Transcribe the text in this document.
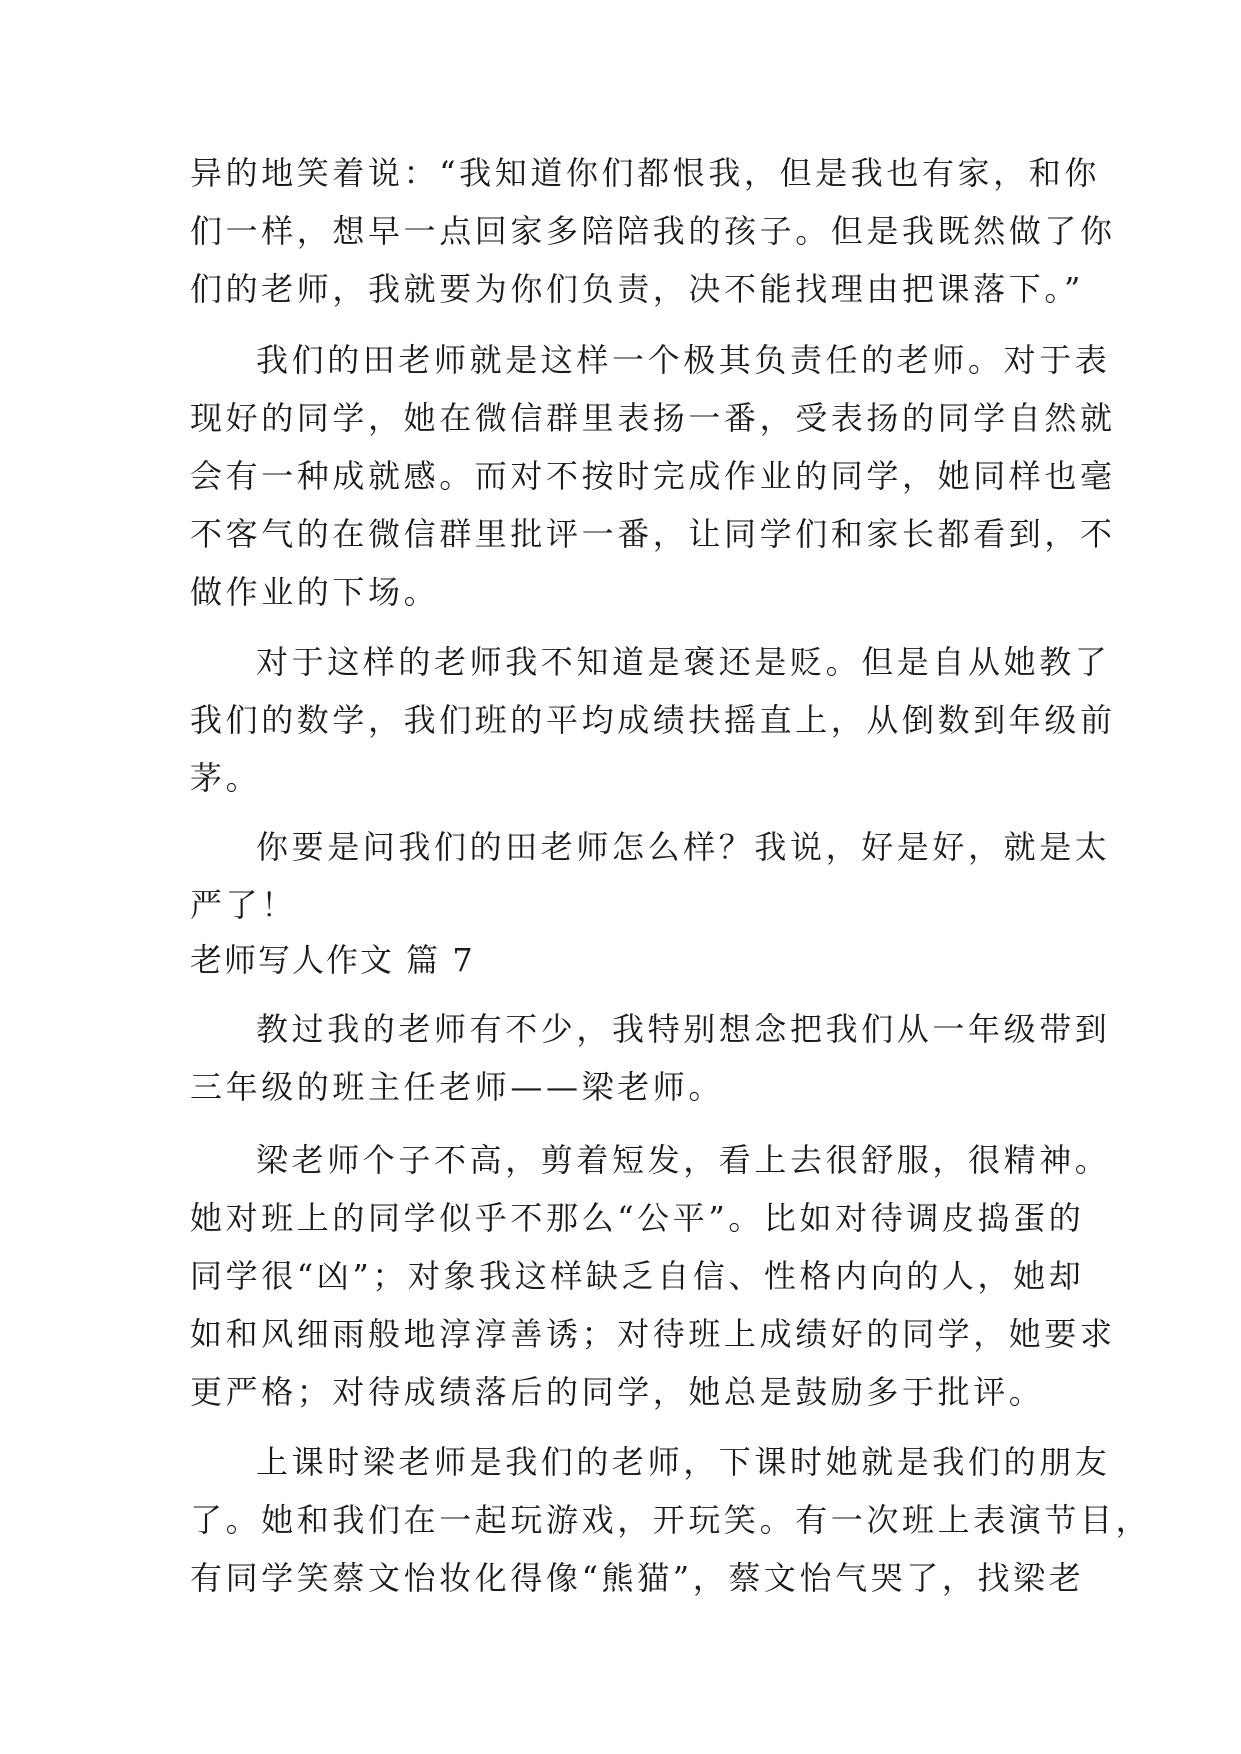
异的地笑着说：“我知道你们都恨我，但是我也有家，和你
们一样，想早一点回家多陪陪我的孩子。但是我既然做了你
们的老师，我就要为你们负责，决不能找理由把课落下。”
我们的田老师就是这样一个极其负责任的老师。对于表
现好的同学，她在微信群里表扬一番，受表扬的同学自然就
会有一种成就感。而对不按时完成作业的同学，她同样也毫
不客气的在微信群里批评一番，让同学们和家长都看到，不
做作业的下场。
对于这样的老师我不知道是褒还是贬。但是自从她教了
我们的数学，我们班的平均成绩扶摇直上，从倒数到年级前
茅。
你要是问我们的田老师怎么样？我说，好是好，就是太
严了！
老师写人作文 篇 7
教过我的老师有不少，我特别想念把我们从一年级带到
三年级的班主任老师——梁老师。
梁老师个子不高，剪着短发，看上去很舒服，很精神。
她对班上的同学似乎不那么“公平”。比如对待调皮捣蛋的
同学很“凶”；对象我这样缺乏自信、性格内向的人，她却
如和风细雨般地淳淳善诱；对待班上成绩好的同学，她要求
更严格；对待成绩落后的同学，她总是鼓励多于批评。
上课时梁老师是我们的老师，下课时她就是我们的朋友
了。她和我们在一起玩游戏，开玩笑。有一次班上表演节目，
有同学笑蔡文怡妆化得像“熊猫”，蔡文怡气哭了，找梁老
